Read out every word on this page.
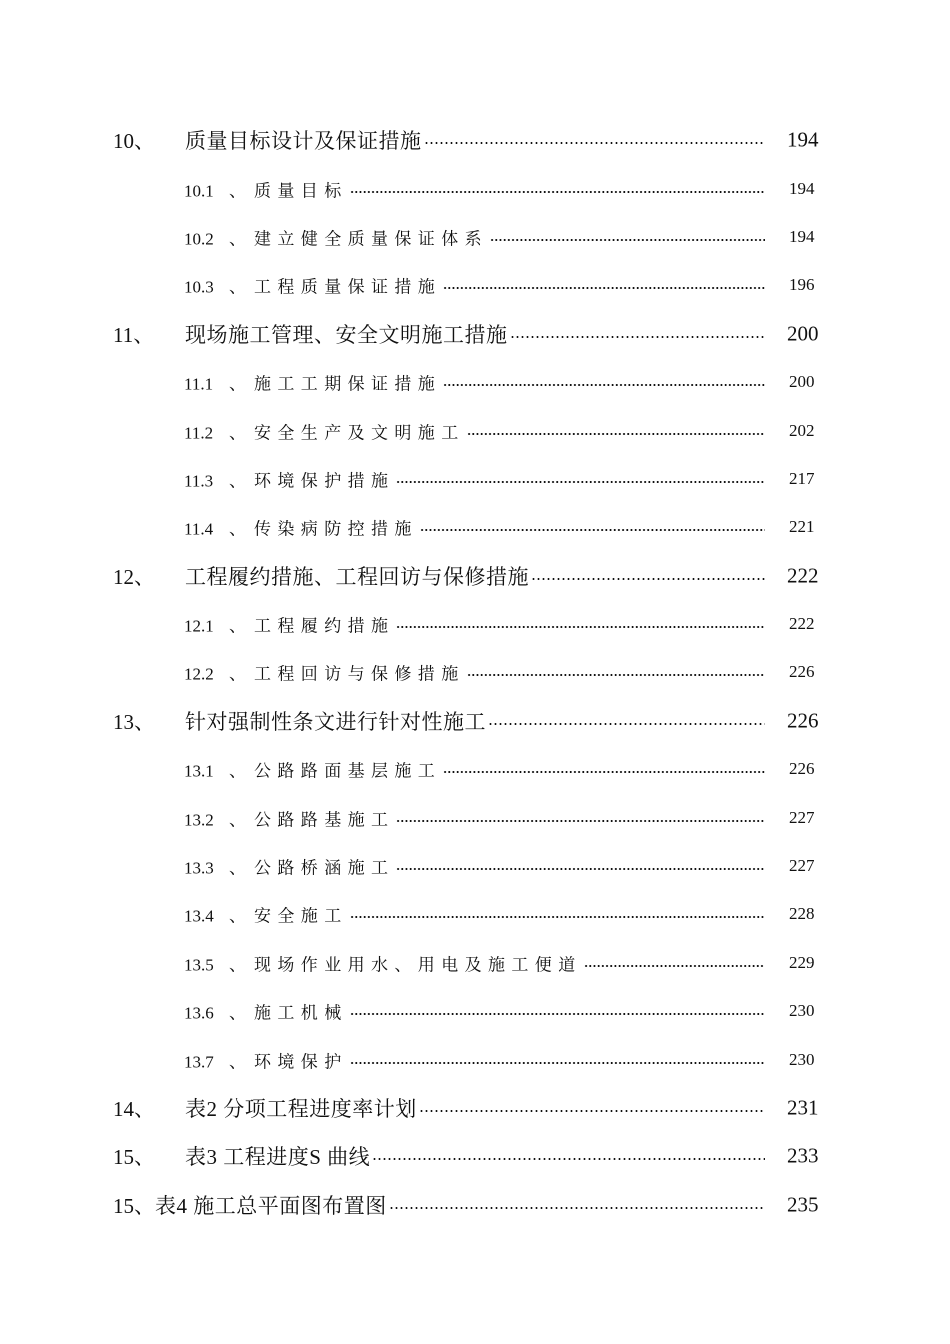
10、	质量目标设计及保证措施	194
10.1 、 质量目标	194
10.2 、 建立健全质量保证体系	194
10.3 、 工程质量保证措施	196
11、	现场施工管理、安全文明施工措施	200
11.1 、 施工工期保证措施	200
11.2 、 安全生产及文明施工	202
11.3 、 环境保护措施	217
11.4 、 传染病防控措施	221
12、	工程履约措施、工程回访与保修措施	222
12.1 、 工程履约措施	222
12.2 、 工程回访与保修措施	226
13、	针对强制性条文进行针对性施工	226
13.1 、 公路路面基层施工	226
13.2 、 公路路基施工	227
13.3 、 公路桥涵施工	227
13.4 、 安全施工	228
13.5 、 现场作业用水、用电及施工便道	229
13.6 、 施工机械	230
13.7 、 环境保护	230
14、	表2 分项工程进度率计划	231
15、	表3 工程进度S 曲线	233
15、 表4 施工总平面图布置图	235
